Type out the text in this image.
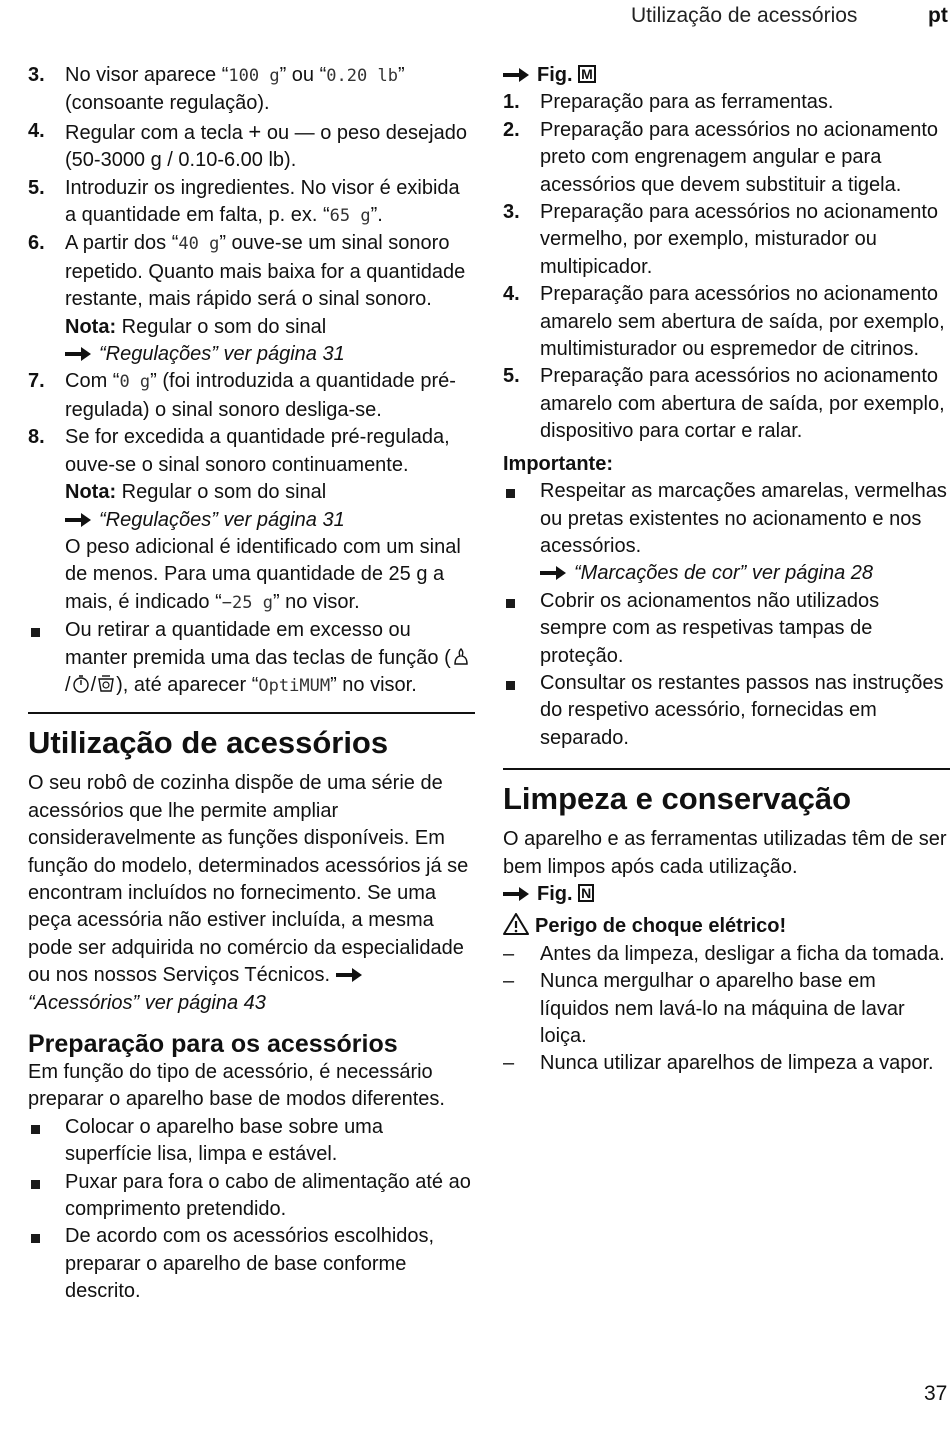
Utilização de acessórios	pt
3. No visor aparece “100 g” ou “0.20 lb” (consoante regulação).
4. Regular com a tecla + ou — o peso desejado (50-3000 g / 0.10-6.00 lb).
5. Introduzir os ingredientes. No visor é exibida a quantidade em falta, p. ex. “65 g”.
6. A partir dos “40 g” ouve-se um sinal sonoro repetido. Quanto mais baixa for a quantidade restante, mais rápido será o sinal sonoro.
Nota: Regular o som do sinal
“Regulações” ver página 31
7. Com “0 g” (foi introduzida a quantidade pré-regulada) o sinal sonoro desliga-se.
8. Se for excedida a quantidade pré-regulada, ouve-se o sinal sonoro continuamente.
Nota: Regular o som do sinal
“Regulações” ver página 31
O peso adicional é identificado com um sinal de menos. Para uma quantidade de 25 g a mais, é indicado “−25 g” no visor.
Ou retirar a quantidade em excesso ou manter premida uma das teclas de função (/ / ), até aparecer “OptiMUM” no visor.
Utilização de acessórios
O seu robô de cozinha dispõe de uma série de acessórios que lhe permite ampliar consideravelmente as funções disponíveis. Em função do modelo, determinados acessórios já se encontram incluídos no fornecimento. Se uma peça acessória não estiver incluída, a mesma pode ser adquirida no comércio da especialidade ou nos nossos Serviços Técnicos.
“Acessórios” ver página 43
Preparação para os acessórios
Em função do tipo de acessório, é necessário preparar o aparelho base de modos diferentes.
Colocar o aparelho base sobre uma superfície lisa, limpa e estável.
Puxar para fora o cabo de alimentação até ao comprimento pretendido.
De acordo com os acessórios escolhidos, preparar o aparelho de base conforme descrito.
Fig. M
1. Preparação para as ferramentas.
2. Preparação para acessórios no acionamento preto com engrenagem angular e para acessórios que devem substituir a tigela.
3. Preparação para acessórios no acionamento vermelho, por exemplo, misturador ou multipicador.
4. Preparação para acessórios no acionamento amarelo sem abertura de saída, por exemplo, multimisturador ou espremedor de citrinos.
5. Preparação para acessórios no acionamento amarelo com abertura de saída, por exemplo, dispositivo para cortar e ralar.
Importante:
Respeitar as marcações amarelas, vermelhas ou pretas existentes no acionamento e nos acessórios.
“Marcações de cor” ver página 28
Cobrir os acionamentos não utilizados sempre com as respetivas tampas de proteção.
Consultar os restantes passos nas instruções do respetivo acessório, fornecidas em separado.
Limpeza e conservação
O aparelho e as ferramentas utilizadas têm de ser bem limpos após cada utilização.
Fig. N
Perigo de choque elétrico!
– Antes da limpeza, desligar a ficha da tomada.
– Nunca mergulhar o aparelho base em líquidos nem lavá-lo na máquina de lavar loiça.
– Nunca utilizar aparelhos de limpeza a vapor.
37
